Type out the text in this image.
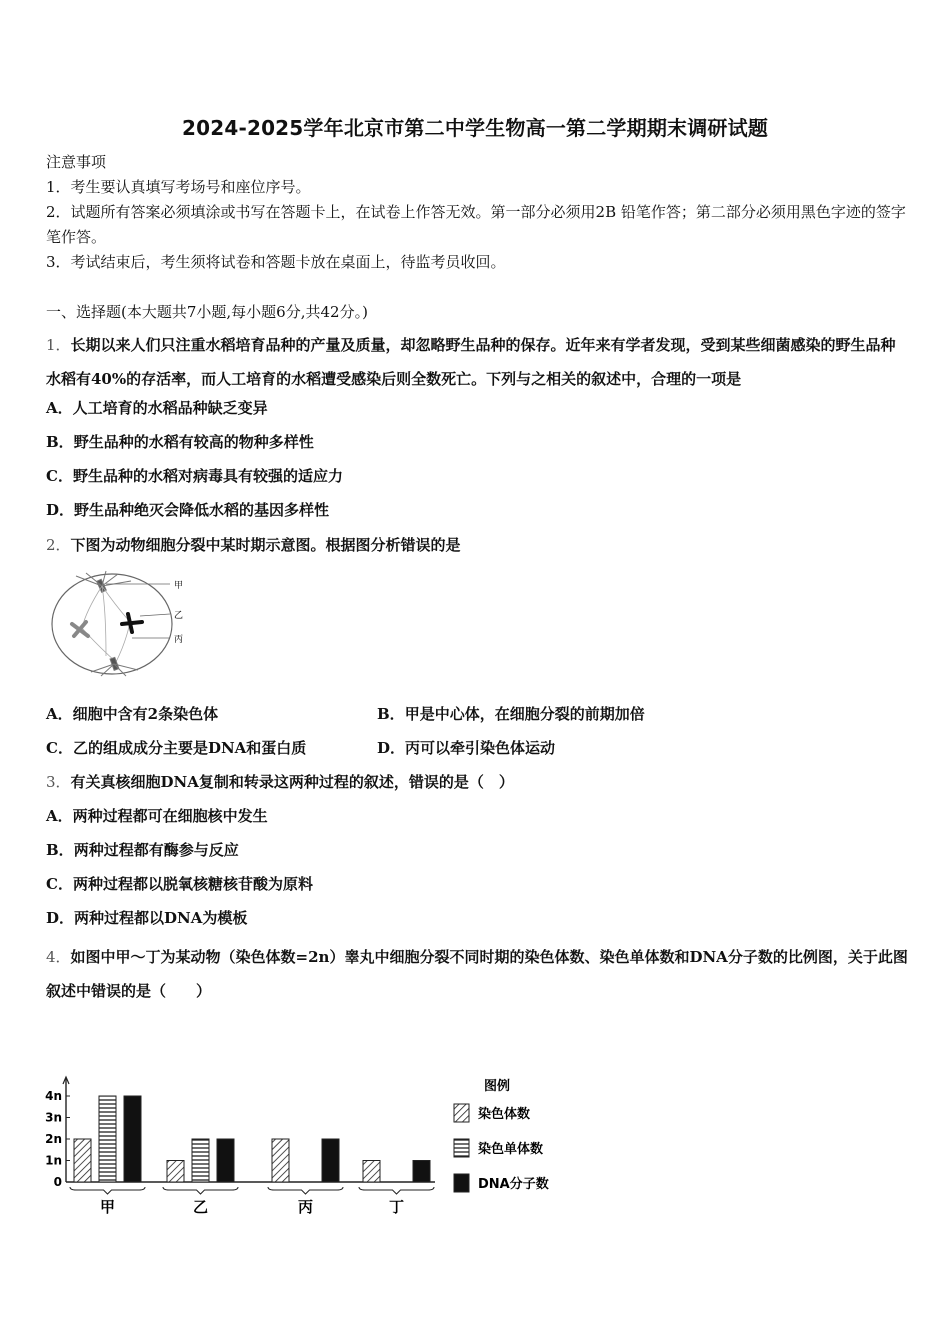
2024-2025学年北京市第二中学生物高一第二学期期末调研试题
注意事项
1．考生要认真填写考场号和座位序号。
2．试题所有答案必须填涂或书写在答题卡上，在试卷上作答无效。第一部分必须用2B 铅笔作答；第二部分必须用黑色字迹的签字笔作答。
3．考试结束后，考生须将试卷和答题卡放在桌面上，待监考员收回。
一、选择题(本大题共7小题,每小题6分,共42分。)
1．长期以来人们只注重水稻培育品种的产量及质量，却忽略野生品种的保存。近年来有学者发现，受到某些细菌感染的野生品种水稻有40%的存活率，而人工培育的水稻遭受感染后则全数死亡。下列与之相关的叙述中，合理的一项是
A．人工培育的水稻品种缺乏变异
B．野生品种的水稻有较高的物种多样性
C．野生品种的水稻对病毒具有较强的适应力
D．野生品种绝灭会降低水稻的基因多样性
2．下图为动物细胞分裂中某时期示意图。根据图分析错误的是
甲
乙
丙
A．细胞中含有2条染色体	B．甲是中心体，在细胞分裂的前期加倍
C．乙的组成成分主要是DNA和蛋白质	D．丙可以牵引染色体运动
3．有关真核细胞DNA复制和转录这两种过程的叙述，错误的是（　）
A．两种过程都可在细胞核中发生
B．两种过程都有酶参与反应
C．两种过程都以脱氧核糖核苷酸为原料
D．两种过程都以DNA为模板
4．如图中甲～丁为某动物（染色体数=2n）睾丸中细胞分裂不同时期的染色体数、染色单体数和DNA分子数的比例图，关于此图叙述中错误的是（　　）
0
1n
2n
3n
4n
甲	乙	丙	丁
图例
染色体数
染色单体数
DNA分子数
